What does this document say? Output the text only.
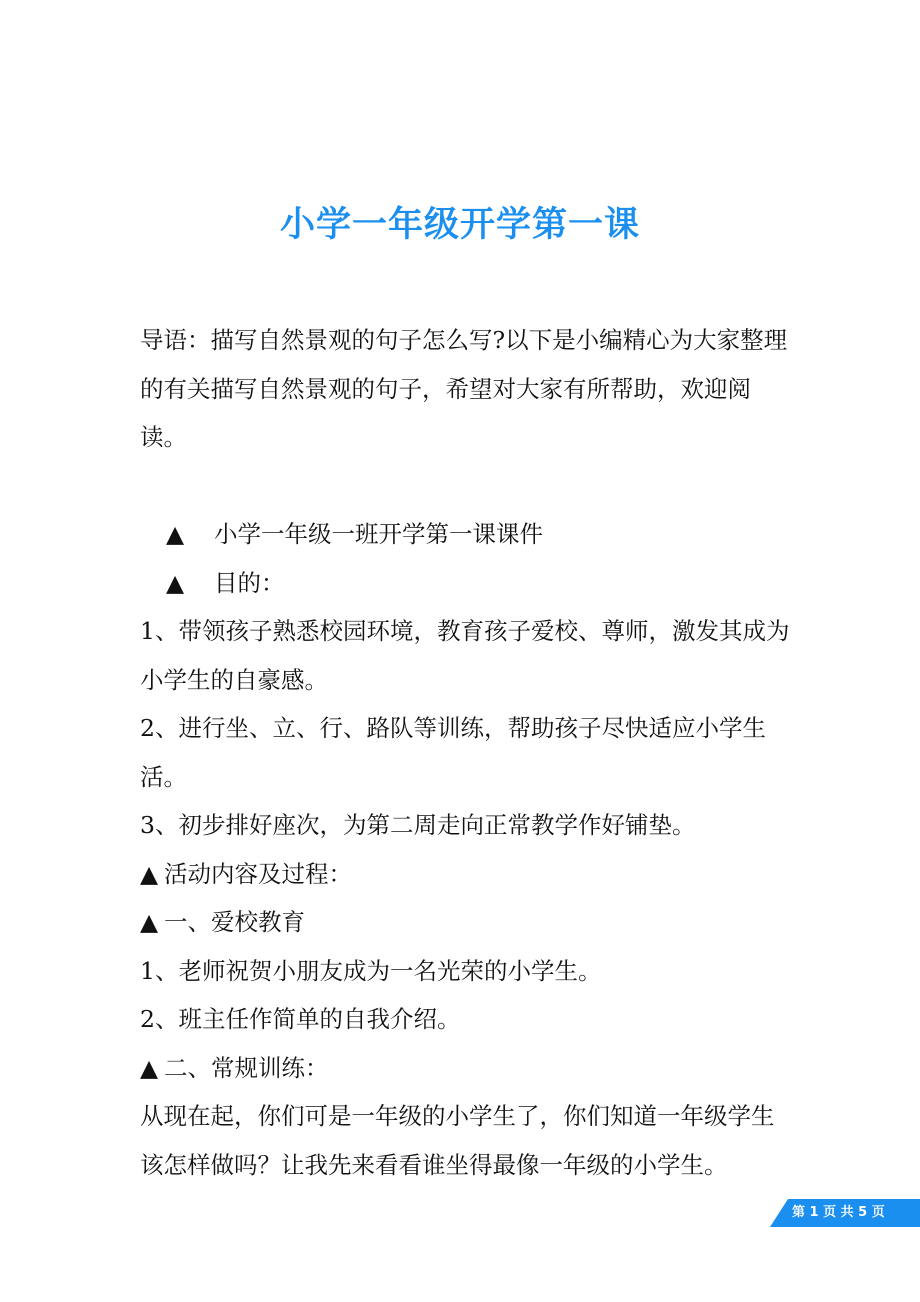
小学一年级开学第一课

导语：描写自然景观的句子怎么写?以下是小编精心为大家整理的有关描写自然景观的句子，希望对大家有所帮助，欢迎阅读。

▲	小学一年级一班开学第一课课件
▲	目的：

1、带领孩子熟悉校园环境，教育孩子爱校、尊师，激发其成为小学生的自豪感。

2、进行坐、立、行、路队等训练，帮助孩子尽快适应小学生活。

3、初步排好座次，为第二周走向正常教学作好铺垫。

▲ 活动内容及过程：
▲ 一、爱校教育

1、老师祝贺小朋友成为一名光荣的小学生。

2、班主任作简单的自我介绍。

▲ 二、常规训练：

从现在起，你们可是一年级的小学生了，你们知道一年级学生该怎样做吗？让我先来看看谁坐得最像一年级的小学生。

第 1 页 共 5 页
